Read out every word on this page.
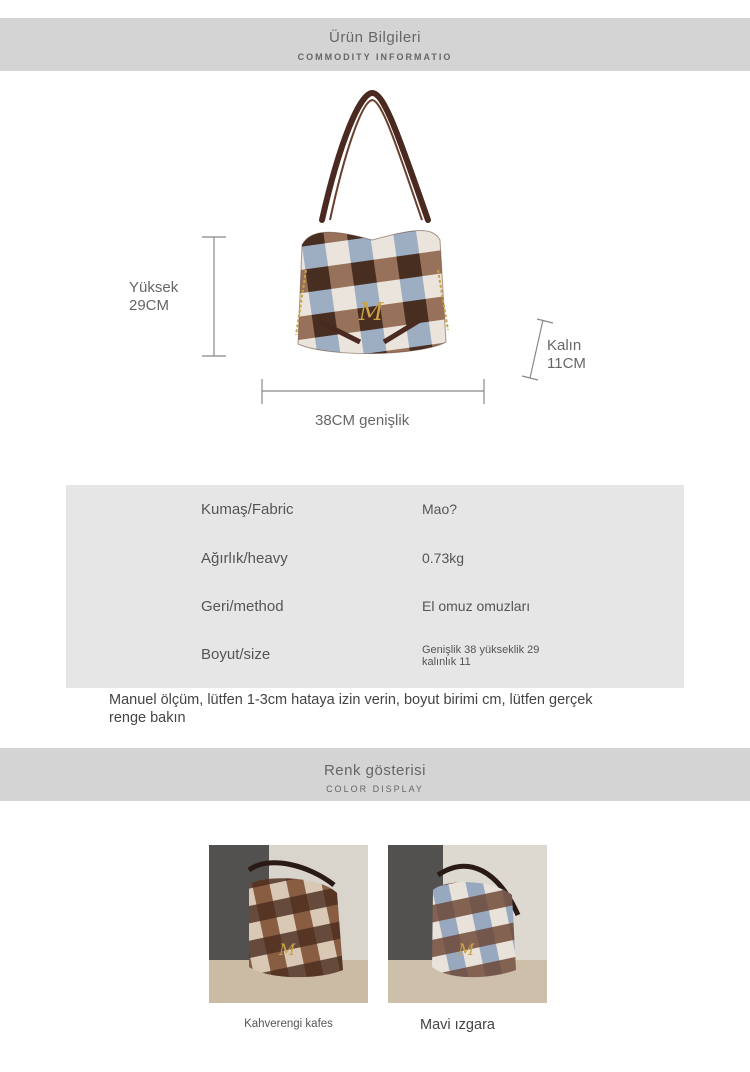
Ürün Bilgileri
COMMODITY INFORMATIO
M
Yüksek
29CM
Kalın
11CM
38CM genişlik
Kumaş/Fabric	Mao?
Ağırlık/heavy	0.73kg
Geri/method	El omuz omuzları
Boyut/size	Genişlik 38 yükseklik 29 kalınlık 11
Manuel ölçüm, lütfen 1-3cm hataya izin verin, boyut birimi cm, lütfen gerçek renge bakın
Renk gösterisi
COLOR DISPLAY
M
Kahverengi kafes
M
Mavi ızgara
